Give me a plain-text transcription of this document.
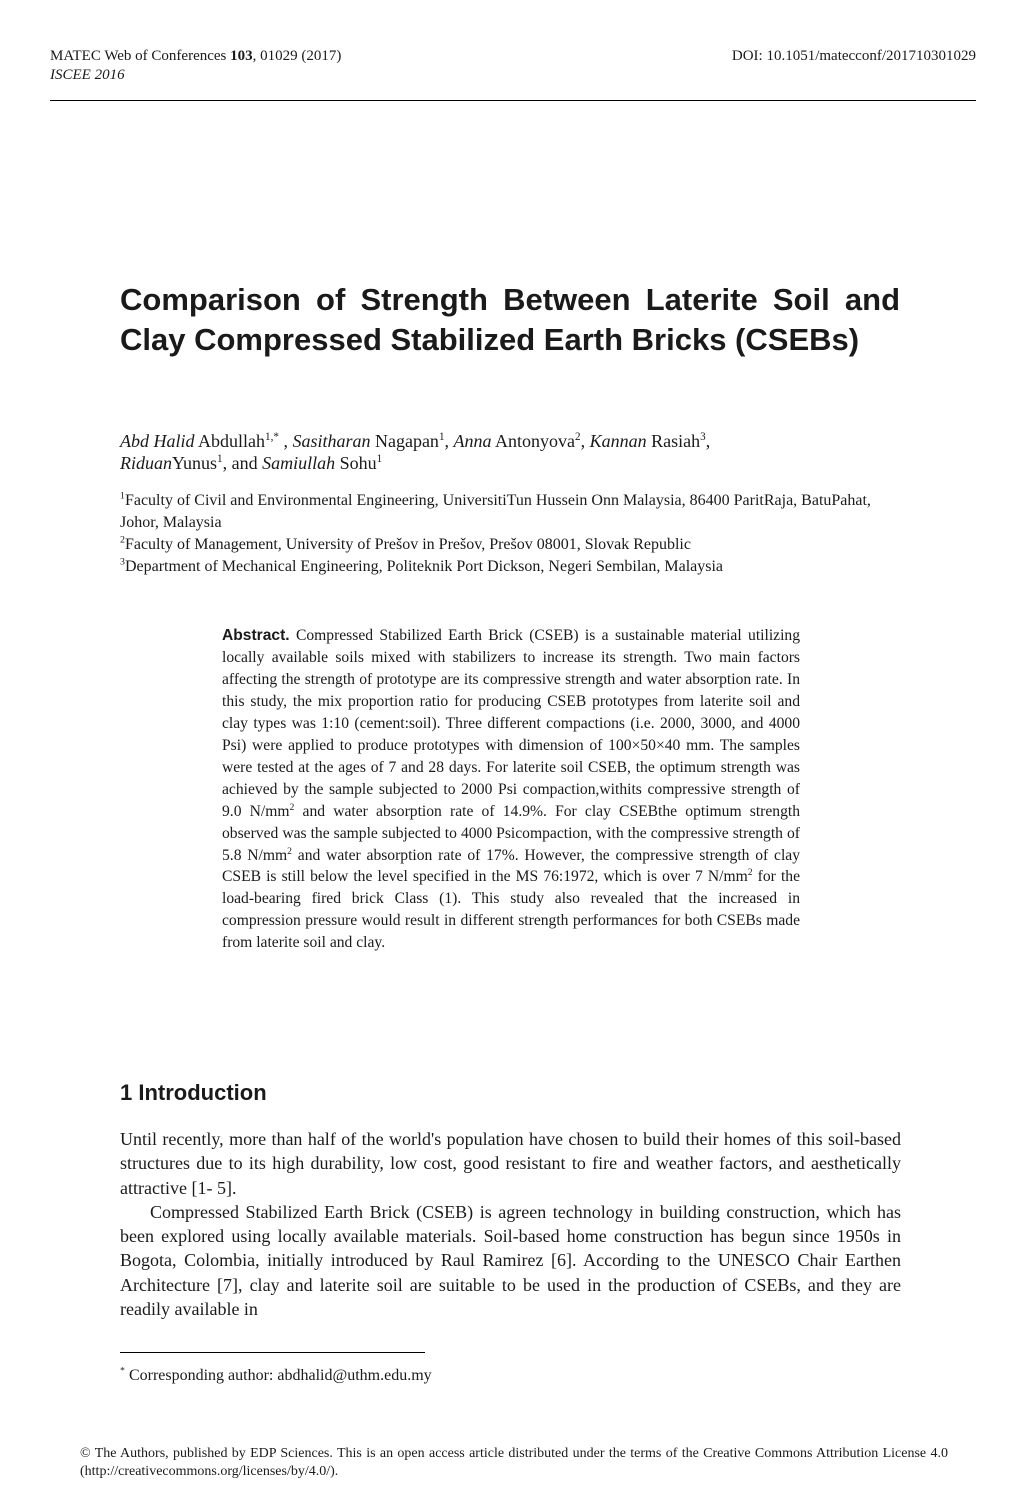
MATEC Web of Conferences 103, 01029 (2017)	DOI: 10.1051/matecconf/201710301029
ISCEE 2016
Comparison of Strength Between Laterite Soil and Clay Compressed Stabilized Earth Bricks (CSEBs)
Abd Halid Abdullah$^{1,*}$ , Sasitharan Nagapan$^1$, Anna Antonyova$^2$, Kannan Rasiah$^3$,
RiduanYunus$^1$, and Samiullah Sohu$^1$
$^1$Faculty of Civil and Environmental Engineering, UniversitiTun Hussein Onn Malaysia, 86400 ParitRaja, BatuPahat, Johor, Malaysia
$^2$Faculty of Management, University of Prešov in Prešov, Prešov 08001, Slovak Republic
$^3$Department of Mechanical Engineering, Politeknik Port Dickson, Negeri Sembilan, Malaysia
Abstract. Compressed Stabilized Earth Brick (CSEB) is a sustainable material utilizing locally available soils mixed with stabilizers to increase its strength. Two main factors affecting the strength of prototype are its compressive strength and water absorption rate. In this study, the mix proportion ratio for producing CSEB prototypes from laterite soil and clay types was 1:10 (cement:soil). Three different compactions (i.e. 2000, 3000, and 4000 Psi) were applied to produce prototypes with dimension of 100×50×40 mm. The samples were tested at the ages of 7 and 28 days. For laterite soil CSEB, the optimum strength was achieved by the sample subjected to 2000 Psi compaction,withits compressive strength of 9.0 $N/mm^2$ and water absorption rate of 14.9%. For clay CSEBthe optimum strength observed was the sample subjected to 4000 Psicompaction, with the compressive strength of 5.8 $N/mm^2$ and water absorption rate of 17%. However, the compressive strength of clay CSEB is still below the level specified in the MS 76:1972, which is over 7 $N/mm^2$ for the load-bearing fired brick Class (1). This study also revealed that the increased in compression pressure would result in different strength performances for both CSEBs made from laterite soil and clay.
1 Introduction

Until recently, more than half of the world's population have chosen to build their homes of this soil-based structures due to its high durability, low cost, good resistant to fire and weather factors, and aesthetically attractive [1- 5].

Compressed Stabilized Earth Brick (CSEB) is agreen technology in building construction, which has been explored using locally available materials. Soil-based home construction has begun since 1950s in Bogota, Colombia, initially introduced by Raul Ramirez [6]. According to the UNESCO Chair Earthen Architecture [7], clay and laterite soil are suitable to be used in the production of CSEBs, and they are readily available in

* Corresponding author: abdhalid@uthm.edu.my
© The Authors, published by EDP Sciences. This is an open access article distributed under the terms of the Creative Commons Attribution License 4.0 (http://creativecommons.org/licenses/by/4.0/).
